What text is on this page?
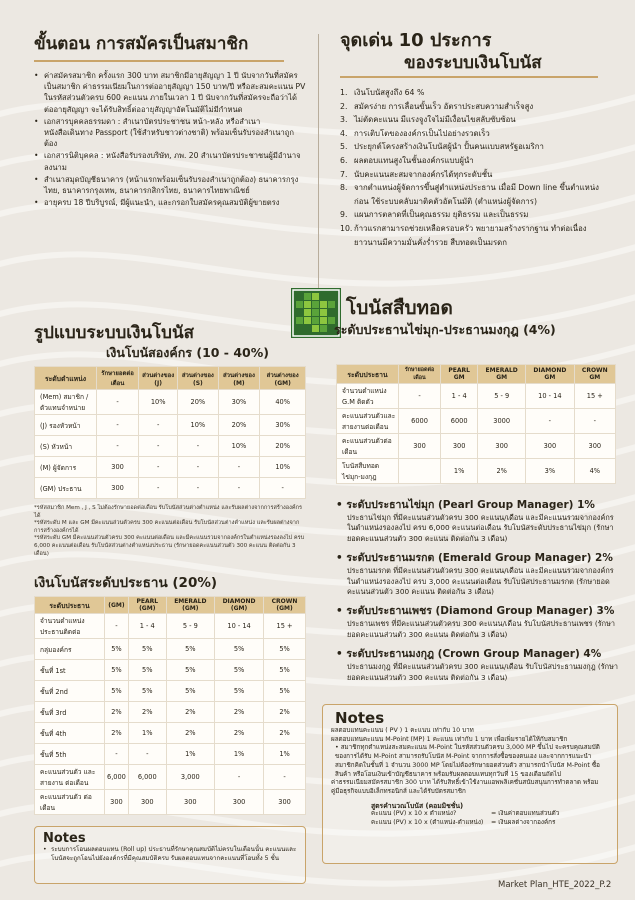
ขั้นตอน การสมัครเป็นสมาชิก
• ค่าสมัครสมาชิก ครั้งแรก 300 บาท สมาชิกมีอายุสัญญา 1 ปี นับจากวันที่สมัครเป็นสมาชิก ค่าธรรมเนียมในการต่ออายุสัญญา 150 บาท/ปี หรือสะสมคะแนน PV ในรหัสส่วนตัวครบ 600 คะแนน ภายในเวลา 1 ปี นับจากวันที่สมัครจะถือว่าได้ต่ออายุสัญญา จะได้รับสิทธิ์ต่ออายุสัญญาอัตโนมัติไม่มีกำหนด
• เอกสารบุคคลธรรมดา : สำเนาบัตรประชาชน หน้า-หลัง หรือสำเนาหนังสือเดินทาง Passport (ใช้สำหรับชาวต่างชาติ) พร้อมเซ็นรับรองสำเนาถูกต้อง
• เอกสารนิติบุคคล : หนังสือรับรองบริษัท, ภพ. 20 สำเนาบัตรประชาชนผู้มีอำนาจลงนาม
• สำเนาสมุดบัญชีธนาคาร (หน้าแรกพร้อมเซ็นรับรองสำเนาถูกต้อง) ธนาคารกรุงไทย, ธนาคารกรุงเทพ, ธนาคารกสิกรไทย, ธนาคารไทยพาณิชย์
• อายุครบ 18 ปีบริบูรณ์, มีผู้แนะนำ, และกรอกใบสมัครคุณสมบัติผู้ขายตรง
จุดเด่น 10 ประการ
ของระบบเงินโบนัส
1. เงินโบนัสสูงถึง 64 %
2. สมัครง่าย การเลื่อนขั้นเร็ว อัตราประสบความสำเร็จสูง
3. ไม่ตัดคะแนน มีแรงจูงใจไม่มีเงื่อนไขสลับซับซ้อน
4. การเติบโตขององค์กรเป็นไปอย่างรวดเร็ว
5. ประยุกต์โครงสร้างเงินโบนัสผู้นำ ปั้นคนแบบสหรัฐอเมริกา
6. ผลตอบแทนสูงในชั้นองค์กรแบบผู้นำ
7. นับคะแนนสะสมจากองค์กรได้ทุกระดับชั้น
8. จากตำแหน่งผู้จัดการขึ้นสู่ตำแหน่งประธาน เมื่อมี Down line ขึ้นตำแหน่งก่อน ใช้ระบบคลับมาติคตัวอัตโนมัติ (ตำแหน่งผู้จัดการ)
9. แผนการตลาดที่เป็นคุณธรรม ยุติธรรม และเป็นธรรม
10. ก้าวแรกสามารถช่วยเหลือครอบครัว พยายามสร้างรากฐาน ทำต่อเนื่องยาวนานมีความมั่นคั่งร่ำรวย สืบทอดเป็นมรดก
รูปแบบระบบเงินโบนัส
เงินโบนัสองค์กร (10 - 40%)
ระดับตำแหน่ง	รักษายอดต่อเดือน	ส่วนต่างของ (J)	ส่วนต่างของ (S)	ส่วนต่างของ (M)	ส่วนต่างของ (GM)
(Mem) สมาชิก / ตัวแทนจำหน่าย	-	10%	20%	30%	40%
(J) รองหัวหน้า	-	-	10%	20%	30%
(S) หัวหน้า	-	-	-	10%	20%
(M) ผู้จัดการ	300	-	-	-	10%
(GM) ประธาน	300	-	-	-	-
*รหัสสมาชิก Mem , J , S ไม่ต้องรักษายอดต่อเดือน รับโบนัสส่วนต่างตำแหน่ง และรับผลต่างจากการสร้างองค์กรได้
*รหัสระดับ M และ GM มีคะแนนส่วนตัวครบ 300 คะแนนต่อเดือน รับโบนัสส่วนต่างตำแหน่ง และรับผลต่างจากการสร้างองค์กรได้
*รหัสระดับ GM มีคะแนนส่วนตัวครบ 300 คะแนนต่อเดือน และมีคะแนนรวมจากองค์กรในตำแหน่งรองลงไป ครบ 6,000 คะแนนต่อเดือน รับโบนัสส่วนต่างตำแหน่งประธาน (รักษายอดคะแนนส่วนตัว 300 คะแนน ติดต่อกัน 3 เดือน)
เงินโบนัสระดับประธาน (20%)
ระดับประธาน	(GM)	PEARL (GM)	EMERALD (GM)	DIAMOND (GM)	CROWN (GM)
จำนวนตำแหน่ง ประธานติดต่อ	-	1 - 4	5 - 9	10 - 14	15 +
กลุ่มองค์กร	5%	5%	5%	5%	5%
ชั้นที่ 1st	5%	5%	5%	5%	5%
ชั้นที่ 2nd	5%	5%	5%	5%	5%
ชั้นที่ 3rd	2%	2%	2%	2%	2%
ชั้นที่ 4th	2%	1%	2%	2%	2%
ชั้นที่ 5th	-	-	1%	1%	1%
คะแนนส่วนตัว และสายงาน ต่อเดือน	6,000	6,000	3,000	-	-
คะแนนส่วนตัว ต่อเดือน	300	300	300	300	300
Notes
• ระบบการโอนผลตอบแทน (Roll up) ประธานที่รักษาคุณสมบัติไม่ครบในเดือนนั้น คะแนนและโบนัสจะถูกโอนไปยังองค์กรที่มีคุณสมบัติครบ รับผลตอบแทนจากคะแนนที่โอนทั้ง 5 ชั้น
โบนัสสืบทอด
ระดับประธานไข่มุก-ประธานมงกุฎ (4%)
ระดับประธาน	รักษายอดต่อเดือน	PEARL GM	EMERALD GM	DIAMOND GM	CROWN GM
จำนวนตำแหน่ง G.M ติดตัว	-	1 - 4	5 - 9	10 - 14	15 +
คะแนนส่วนตัวและสายงานต่อเดือน	6000	6000	3000	-	-
คะแนนส่วนตัวต่อเดือน	300	300	300	300	300
โบนัสสืบทอด ไข่มุก-มงกุฎ		1%	2%	3%	4%
• ระดับประธานไข่มุก (Pearl Group Manager) 1%
ประธานไข่มุก ที่มีคะแนนส่วนตัวครบ 300 คะแนน/เดือน และมีคะแนนรวมจากองค์กรในตำแหน่งรองลงไป ครบ 6,000 คะแนนต่อเดือน รับโบนัสระดับประธานไข่มุก (รักษายอดคะแนนส่วนตัว 300 คะแนน ติดต่อกัน 3 เดือน)
• ระดับประธานมรกต (Emerald Group Manager) 2%
ประธานมรกต ที่มีคะแนนส่วนตัวครบ 300 คะแนน/เดือน และมีคะแนนรวมจากองค์กรในตำแหน่งรองลงไป ครบ 3,000 คะแนนต่อเดือน รับโบนัสประธานมรกต (รักษายอดคะแนนส่วนตัว 300 คะแนน ติดต่อกัน 3 เดือน)
• ระดับประธานเพชร (Diamond Group Manager) 3%
ประธานเพชร ที่มีคะแนนส่วนตัวครบ 300 คะแนน/เดือน รับโบนัสประธานเพชร (รักษายอดคะแนนส่วนตัว 300 คะแนน ติดต่อกัน 3 เดือน)
• ระดับประธานมงกุฎ (Crown Group Manager) 4%
ประธานมงกุฎ ที่มีคะแนนส่วนตัวครบ 300 คะแนน/เดือน รับโบนัสประธานมงกุฎ (รักษายอดคะแนนส่วนตัว 300 คะแนน ติดต่อกัน 3 เดือน)
Notes
ผลตอบแทนคะแนน ( PV ) 1 คะแนน เท่ากับ 10 บาท
ผลตอบแทนคะแนน M-Point (MP) 1 คะแนน เท่ากับ 1 บาท เพื่อเพิ่มรายได้ให้กับสมาชิก
• สมาชิกทุกตำแหน่งสะสมคะแนน M-Point ในรหัสส่วนตัวครบ 3,000 MP ขึ้นไป จะครบคุณสมบัติของการได้รับ M-Point สามารถรับโบนัส M-Point จากการสั่งซื้อของตนเอง และจากการแนะนำสมาชิกคิดในชั้นที่ 1 จำนวน 3000 MP โดยไม่ต้องรักษายอดส่วนตัว สามารถนำโบนัส M-Point ซื้อสินค้า หรือโอนเงินเข้าบัญชีธนาคาร พร้อมรับผลตอบแทนทุกวันที่ 15 ของเดือนถัดไป
ค่าธรรมเนียมสมัครสมาชิก 300 บาท ได้รับสิทธิ์เข้าใช้งานแอพพลิเคชั่นสนับสนุนการทำตลาด พร้อมคู่มือธุรกิจแบบอิเล็กทรอนิกส์ และได้รับบัตรสมาชิก
สูตรคำนวณโบนัส (คอมมิชชั่น)
คะแนน (PV) x 10 x ตำแหน่ง?	= เงินค่าตอบแทนส่วนตัว
คะแนน (PV) x 10 x (ตำแหน่ง-ตำแหน่ง)	= เงินผลต่างจากองค์กร
Market Plan_HTE_2022_P.2
